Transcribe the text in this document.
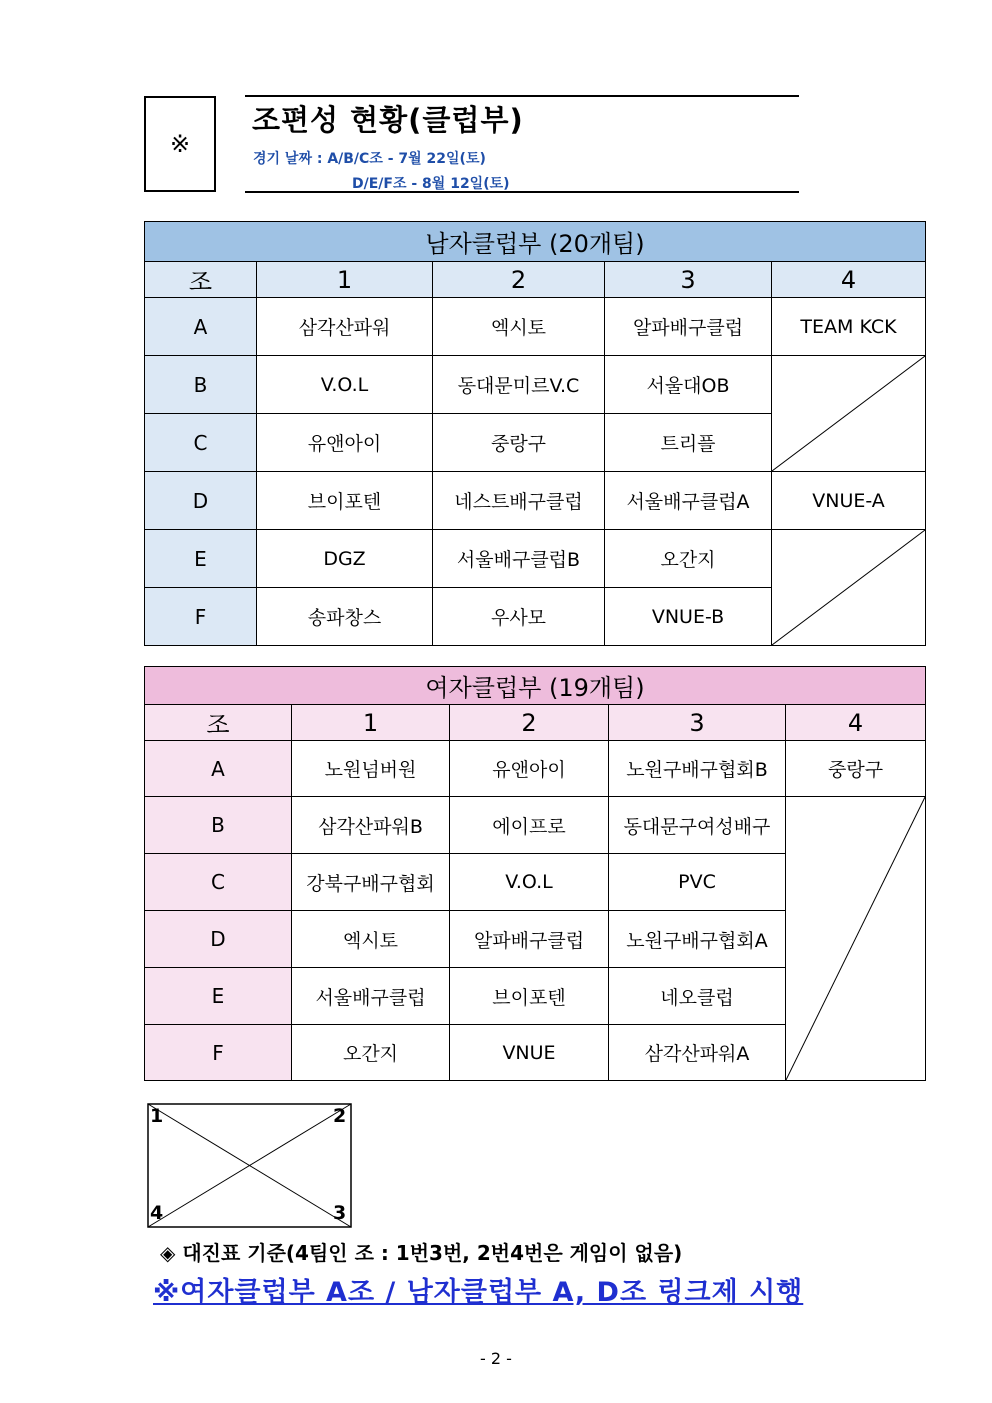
※
조편성 현황(클럽부)
경기 날짜 : A/B/C조 - 7월 22일(토)
D/E/F조 - 8월 12일(토)
남자클럽부 (20개팀)				
조	1	2	3	4
A	삼각산파워	엑시토	알파배구클럽	TEAM KCK
B	V.O.L	동대문미르V.C	서울대OB	

C	유앤아이	중랑구	트리플	
D	브이포텐	네스트배구클럽	서울배구클럽A	VNUE-A
E	DGZ	서울배구클럽B	오간지	

F	송파창스	우사모	VNUE-B	
여자클럽부 (19개팀)				
조	1	2	3	4
A	노원넘버원	유앤아이	노원구배구협회B	중랑구
B	삼각산파워B	에이프로	동대문구여성배구	

C	강북구배구협회	V.O.L	PVC	
D	엑시토	알파배구클럽	노원구배구협회A	
E	서울배구클럽	브이포텐	네오클럽	
F	오간지	VNUE	삼각산파워A	
1	2
3
4
◈ 대진표 기준(4팀인 조 : 1번3번, 2번4번은 게임이 없음)
※여자클럽부 A조 / 남자클럽부 A, D조 링크제 시행
- 2 -
